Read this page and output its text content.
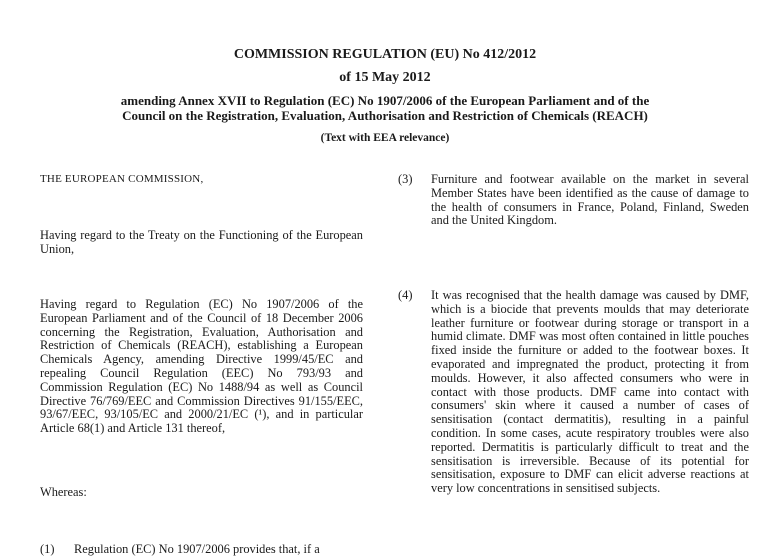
COMMISSION REGULATION (EU) No 412/2012
of 15 May 2012
amending Annex XVII to Regulation (EC) No 1907/2006 of the European Parliament and of the
Council on the Registration, Evaluation, Authorisation and Restriction of Chemicals (REACH)
(Text with EEA relevance)

THE EUROPEAN COMMISSION,

Having regard to the Treaty on the Functioning of the European Union,

Having regard to Regulation (EC) No 1907/2006 of the European Parliament and of the Council of 18 December 2006 concerning the Registration, Evaluation, Authorisation and Restriction of Chemicals (REACH), establishing a European Chemicals Agency, amending Directive 1999/45/EC and repealing Council Regulation (EEC) No 793/93 and Commission Regulation (EC) No 1488/94 as well as Council Directive 76/769/EEC and Commission Directives 91/155/EEC, 93/67/EEC, 93/105/EC and 2000/21/EC (¹), and in particular Article 68(1) and Article 131 thereof,

Whereas:

(1) Regulation (EC) No 1907/2006 provides that, if a

(3) Furniture and footwear available on the market in several Member States have been identified as the cause of damage to the health of consumers in France, Poland, Finland, Sweden and the United Kingdom.

(4) It was recognised that the health damage was caused by DMF, which is a biocide that prevents moulds that may deteriorate leather furniture or footwear during storage or transport in a humid climate. DMF was most often contained in little pouches fixed inside the furniture or added to the footwear boxes. It evaporated and impregnated the product, protecting it from moulds. However, it also affected consumers who were in contact with those products. DMF came into contact with consumers' skin where it caused a number of cases of sensitisation (contact dermatitis), resulting in a painful condition. In some cases, acute respiratory troubles were also reported. Dermatitis is particularly difficult to treat and the sensitisation is irreversible. Because of its potential for sensitisation, exposure to DMF can elicit adverse reactions at very low concentrations in sensitised subjects.
